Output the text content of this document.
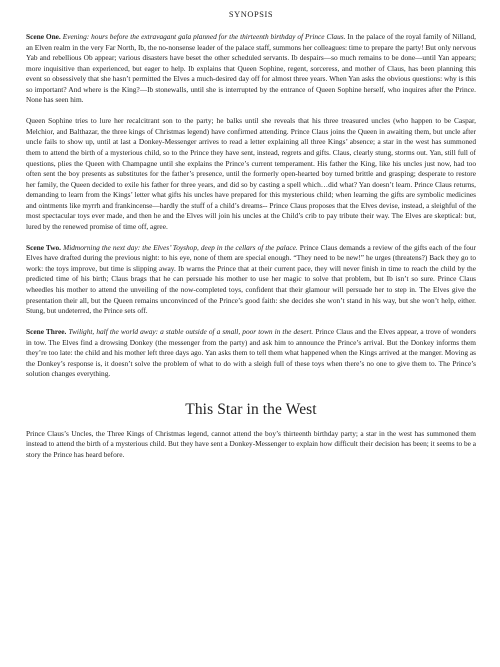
SYNOPSIS

Scene One. Evening: hours before the extravagant gala planned for the thirteenth birthday of Prince Claus. In the palace of the royal family of Nilland, an Elven realm in the very Far North, Ib, the no-nonsense leader of the palace staff, summons her colleagues: time to prepare the party! But only nervous Yab and rebellious Ob appear; various disasters have beset the other scheduled servants. Ib despairs—so much remains to be done—until Yan appears; more inquisitive than experienced, but eager to help. Ib explains that Queen Sophine, regent, sorceress, and mother of Claus, has been planning this event so obsessively that she hasn’t permitted the Elves a much-desired day off for almost three years. When Yan asks the obvious questions: why is this so important? And where is the King?—Ib stonewalls, until she is interrupted by the entrance of Queen Sophine herself, who inquires after the Prince. None has seen him.

Queen Sophine tries to lure her recalcitrant son to the party; he balks until she reveals that his three treasured uncles (who happen to be Caspar, Melchior, and Balthazar, the three kings of Christmas legend) have confirmed attending. Prince Claus joins the Queen in awaiting them, but uncle after uncle fails to show up, until at last a Donkey-Messenger arrives to read a letter explaining all three Kings’ absence; a star in the west has summoned them to attend the birth of a mysterious child, so to the Prince they have sent, instead, regrets and gifts. Claus, clearly stung, storms out. Yan, still full of questions, plies the Queen with Champagne until she explains the Prince’s current temperament. His father the King, like his uncles just now, had too often sent the boy presents as substitutes for the father’s presence, until the formerly open-hearted boy turned brittle and grasping; desperate to restore her family, the Queen decided to exile his father for three years, and did so by casting a spell which…did what? Yan doesn’t learn. Prince Claus returns, demanding to learn from the Kings’ letter what gifts his uncles have prepared for this mysterious child; when learning the gifts are symbolic medicines and ointments like myrrh and frankincense—hardly the stuff of a child’s dreams-- Prince Claus proposes that the Elves devise, instead, a sleighful of the most spectacular toys ever made, and then he and the Elves will join his uncles at the Child’s crib to pay tribute their way. The Elves are skeptical: but, lured by the renewed promise of time off, agree.

Scene Two. Midmorning the next day: the Elves’ Toyshop, deep in the cellars of the palace. Prince Claus demands a review of the gifts each of the four Elves have drafted during the previous night: to his eye, none of them are special enough. “They need to be new!” he urges (threatens?) Back they go to work: the toys improve, but time is slipping away. Ib warns the Prince that at their current pace, they will never finish in time to reach the child by the predicted time of his birth; Claus brags that he can persuade his mother to use her magic to solve that problem, but Ib isn’t so sure. Prince Claus wheedles his mother to attend the unveiling of the now-completed toys, confident that their glamour will persuade her to step in. The Elves give the presentation their all, but the Queen remains unconvinced of the Prince’s good faith: she decides she won’t stand in his way, but she won’t help, either. Stung, but undeterred, the Prince sets off.

Scene Three. Twilight, half the world away: a stable outside of a small, poor town in the desert. Prince Claus and the Elves appear, a trove of wonders in tow. The Elves find a drowsing Donkey (the messenger from the party) and ask him to announce the Prince’s arrival. But the Donkey informs them they’re too late: the child and his mother left three days ago. Yan asks them to tell them what happened when the Kings arrived at the manger. Moving as the Donkey’s response is, it doesn’t solve the problem of what to do with a sleigh full of these toys when there’s no one to give them to. The Prince’s solution changes everything.

This Star in the West

Prince Claus’s Uncles, the Three Kings of Christmas legend, cannot attend the boy’s thirteenth birthday party; a star in the west has summoned them instead to attend the birth of a mysterious child. But they have sent a Donkey-Messenger to explain how difficult their decision has been; it seems to be a story the Prince has heard before.
